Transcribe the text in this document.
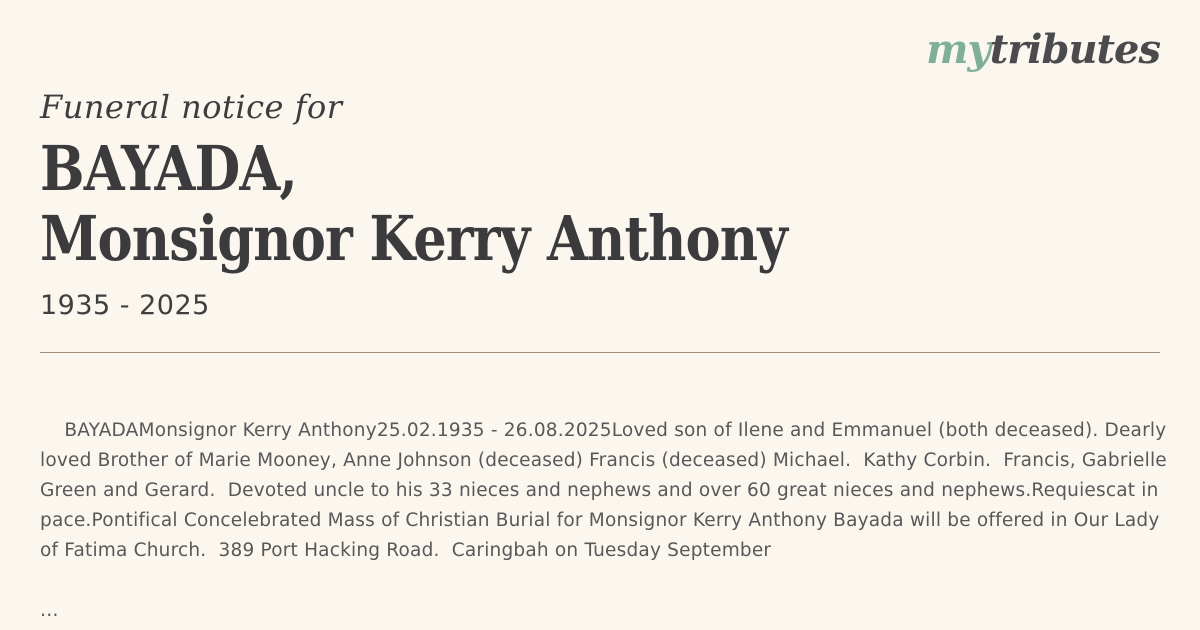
mytributes
Funeral notice for
BAYADA,
Monsignor Kerry Anthony
1935 - 2025

BAYADAMonsignor Kerry Anthony25.02.1935 - 26.08.2025Loved son of Ilene and Emmanuel (both deceased). Dearly loved Brother of Marie Mooney, Anne Johnson (deceased) Francis (deceased) Michael.  Kathy Corbin.  Francis, Gabrielle Green and Gerard.  Devoted uncle to his 33 nieces and nephews and over 60 great nieces and nephews.Requiescat in pace.Pontifical Concelebrated Mass of Christian Burial for Monsignor Kerry Anthony Bayada will be offered in Our Lady of Fatima Church.  389 Port Hacking Road.  Caringbah on Tuesday September

…
